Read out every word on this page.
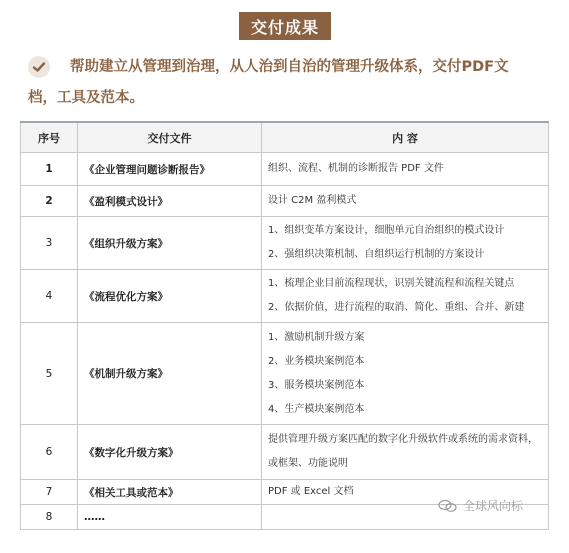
交付成果
帮助建立从管理到治理，从人治到自治的管理升级体系，交付PDF文
档，工具及范本。
序号	交付文件	内 容
1	《企业管理问题诊断报告》	组织、流程、机制的诊断报告 PDF 文件

2	《盈利模式设计》	设计 C2M 盈利模式

3	《组织升级方案》	1、组织变革方案设计，细胞单元自治组织的模式设计
2、强组织决策机制、自组织运行机制的方案设计

4	《流程优化方案》	1、梳理企业目前流程现状，识别关键流程和流程关键点
2、依据价值，进行流程的取消、简化、重组、合并、新建

5	《机制升级方案》	1、激励机制升级方案
2、业务模块案例范本
3、服务模块案例范本
4、生产模块案例范本

6	《数字化升级方案》	提供管理升级方案匹配的数字化升级软件或系统的需求资料，
或框架、功能说明

7	《相关工具或范本》	PDF 或 Excel 文档

8	……	
全球风向标
